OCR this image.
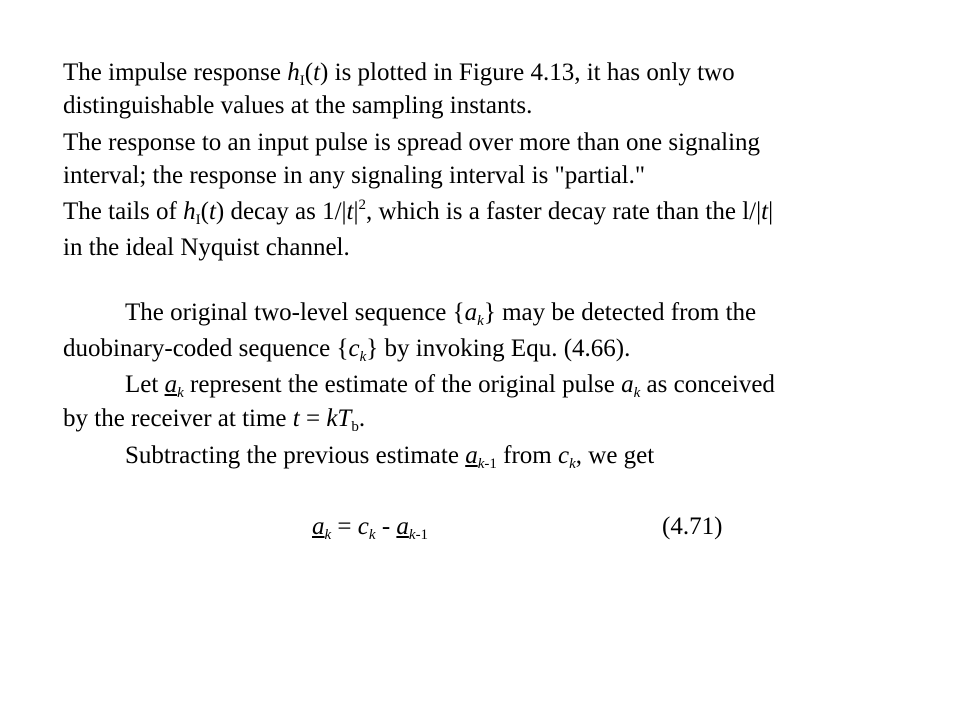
The impulse response $h_I(t)$ is plotted in Figure 4.13, it has only two
distinguishable values at the sampling instants.
The response to an input pulse is spread over more than one signaling
interval; the response in any signaling interval is "partial."
The tails of $h_I(t)$ decay as $1/|t|^2$, which is a faster decay rate than the l/|t|
in the ideal Nyquist channel.
The original two-level sequence $\{a_k\}$ may be detected from the
duobinary-coded sequence $\{c_k\}$ by invoking Equ. (4.66).
Let $a_k$ represent the estimate of the original pulse $a_k$ as conceived
by the receiver at time $t = kT_b$.
Subtracting the previous estimate $a_{k-1}$ from $c_k$, we get
$a_k = c_k - a_{k-1}$	(4.71)
